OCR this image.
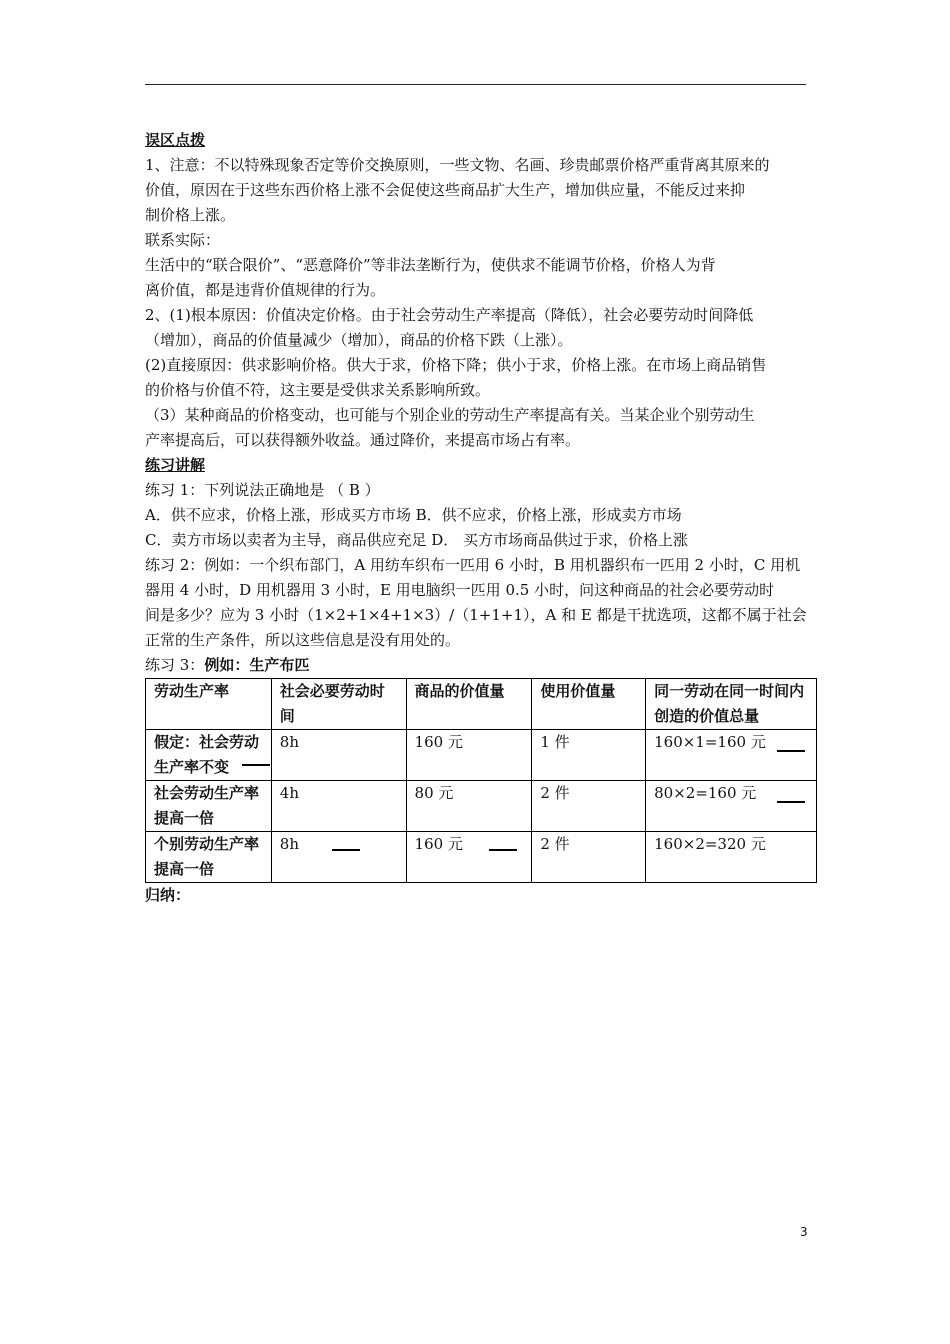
误区点拨
1、注意：不以特殊现象否定等价交换原则，一些文物、名画、珍贵邮票价格严重背离其原来的
价值，原因在于这些东西价格上涨不会促使这些商品扩大生产，增加供应量，不能反过来抑
制价格上涨。
联系实际：
生活中的“联合限价”、“恶意降价”等非法垄断行为，使供求不能调节价格，价格人为背
离价值，都是违背价值规律的行为。
2、(1)根本原因：价值决定价格。由于社会劳动生产率提高（降低），社会必要劳动时间降低
（增加），商品的价值量减少（增加），商品的价格下跌（上涨）。
(2)直接原因：供求影响价格。供大于求，价格下降；供小于求，价格上涨。在市场上商品销售
的价格与价值不符，这主要是受供求关系影响所致。
（3）某种商品的价格变动，也可能与个别企业的劳动生产率提高有关。当某企业个别劳动生
产率提高后，可以获得额外收益。通过降价，来提高市场占有率。
练习讲解
练习 1：下列说法正确地是 （ B ）
A．供不应求，价格上涨，形成买方市场 B．供不应求，价格上涨，形成卖方市场
C．卖方市场以卖者为主导，商品供应充足 D． 买方市场商品供过于求，价格上涨
练习 2：例如：一个织布部门，A 用纺车织布一匹用 6 小时，B 用机器织布一匹用 2 小时，C 用机
器用 4 小时，D 用机器用 3 小时，E 用电脑织一匹用 0.5 小时，问这种商品的社会必要劳动时
间是多少？应为 3 小时（1×2+1×4+1×3）/（1+1+1），A 和 E 都是干扰选项，这都不属于社会
正常的生产条件，所以这些信息是没有用处的。
练习 3：例如：生产布匹
劳动生产率	社会必要劳动时间	商品的价值量	使用价值量	同一劳动在同一时间内创造的价值总量
假定：社会劳动生产率不变	8h	160 元	1 件	160×1=160 元

社会劳动生产率提高一倍	4h	80 元	2 件	80×2=160 元

个别劳动生产率提高一倍	8h	160 元	2 件	160×2=320 元
归纳：
3
